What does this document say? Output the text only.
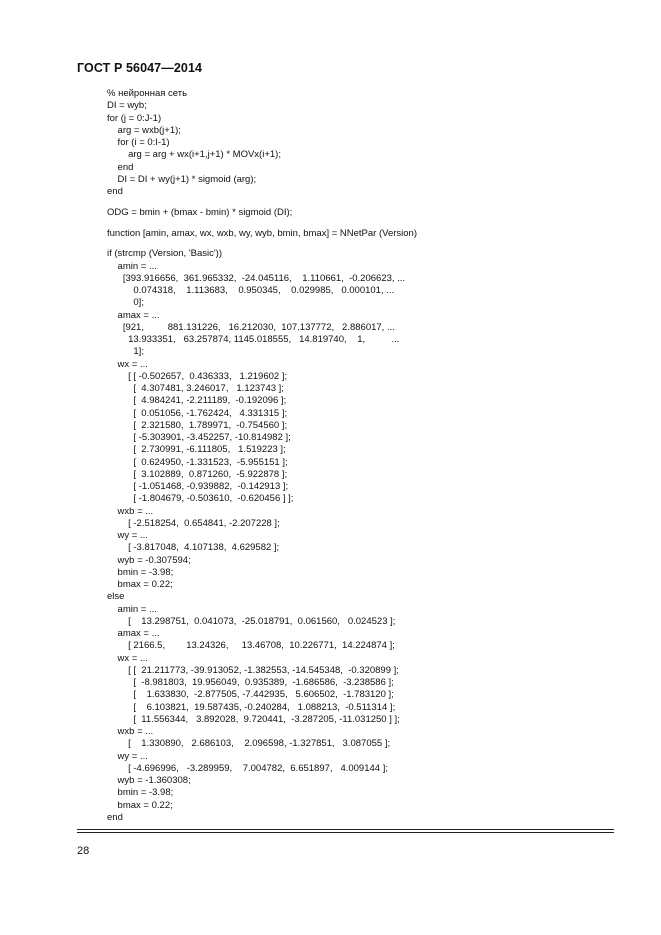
ГОСТ Р 56047—2014
% нейронная сеть
DI = wyb;
for (j = 0:J-1)
arg = wxb(j+1);
for (i = 0:I-1)
arg = arg + wx(i+1,j+1) * MOVx(i+1);
end
DI = DI + wy(j+1) * sigmoid (arg);
end
ODG = bmin + (bmax - bmin) * sigmoid (DI);
function [amin, amax, wx, wxb, wy, wyb, bmin, bmax] = NNetPar (Version)
if (strcmp (Version, 'Basic'))
amin = ...
[393.916656,  361.965332,  -24.045116,    1.110661,  -0.206623, ...
0.074318,    1.113683,    0.950345,    0.029985,   0.000101, ...
0];
amax = ...
[921,         881.131226,   16.212030,  107.137772,   2.886017, ...
13.933351,   63.257874, 1145.018555,   14.819740,    1,          ...
1];
wx = ...
[ [ -0.502657,  0.436333,   1.219602 ];
[  4.307481, 3.246017,   1.123743 ];
[  4.984241, -2.211189,  -0.192096 ];
[  0.051056, -1.762424,   4.331315 ];
[  2.321580,  1.789971,  -0.754560 ];
[ -5.303901, -3.452257, -10.814982 ];
[  2.730991, -6.111805,   1.519223 ];
[  0.624950, -1.331523,  -5.955151 ];
[  3.102889,  0.871260,  -5.922878 ];
[ -1.051468, -0.939882,  -0.142913 ];
[ -1.804679, -0.503610,  -0.620456 ] ];
wxb = ...
[ -2.518254,  0.654841, -2.207228 ];
wy = ...
[ -3.817048,  4.107138,  4.629582 ];
wyb = -0.307594;
bmin = -3.98;
bmax = 0.22;
else
amin = ...
[    13.298751,  0.041073,  -25.018791,  0.061560,   0.024523 ];
amax = ...
[ 2166.5,        13.24326,     13.46708,  10.226771,  14.224874 ];
wx = ...
[ [  21.211773, -39.913052, -1.382553, -14.545348,  -0.320899 ];
[  -8.981803,  19.956049,  0.935389,  -1.686586,  -3.238586 ];
[    1.633830,  -2.877505, -7.442935,   5.606502,  -1.783120 ];
[    6.103821,  19.587435, -0.240284,   1.088213,  -0.511314 ];
[  11.556344,   3.892028,  9.720441,  -3.287205, -11.031250 ] ];
wxb = ...
[    1.330890,   2.686103,    2.096598, -1.327851,   3.087055 ];
wy = ...
[ -4.696996,   -3.289959,    7.004782,  6.651897,   4.009144 ];
wyb = -1.360308;
bmin = -3.98;
bmax = 0.22;
end
28
